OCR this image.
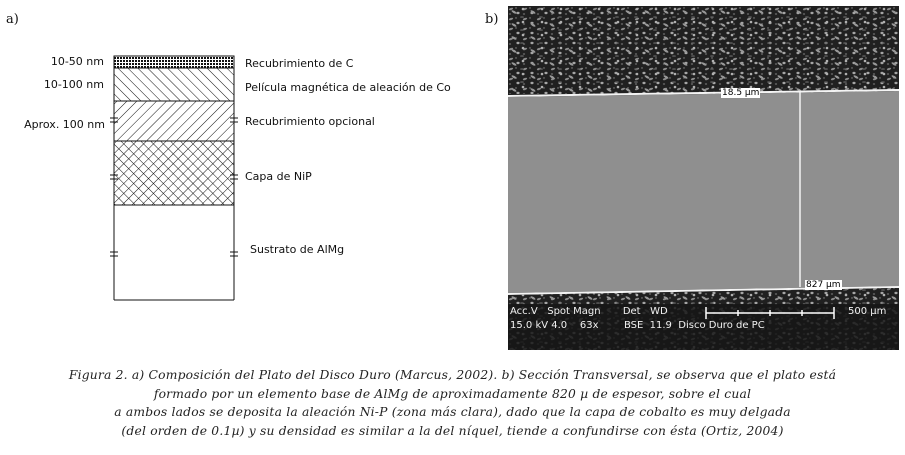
a)	b)
10-50 nm
10-100 nm
Aprox. 100 nm
Recubrimiento de C
Película magnética de aleación de Co
Recubrimiento opcional
Capa de NiP
Sustrato de AlMg
18.5 µm
827 µm
500 µm
Acc.V   Spot Magn       Det   WD
15.0 kV 4.0    63x        BSE  11.9  Disco Duro de PC
Figura 2. a) Composición del Plato del Disco Duro (Marcus, 2002). b) Sección Transversal, se observa que el plato está
formado por un elemento base de AlMg de aproximadamente 820 µ de espesor, sobre el cual
a ambos lados se deposita la aleación Ni-P (zona más clara), dado que la capa de cobalto es muy delgada
(del orden de 0.1µ) y su densidad es similar a la del níquel, tiende a confundirse con ésta (Ortiz, 2004)
